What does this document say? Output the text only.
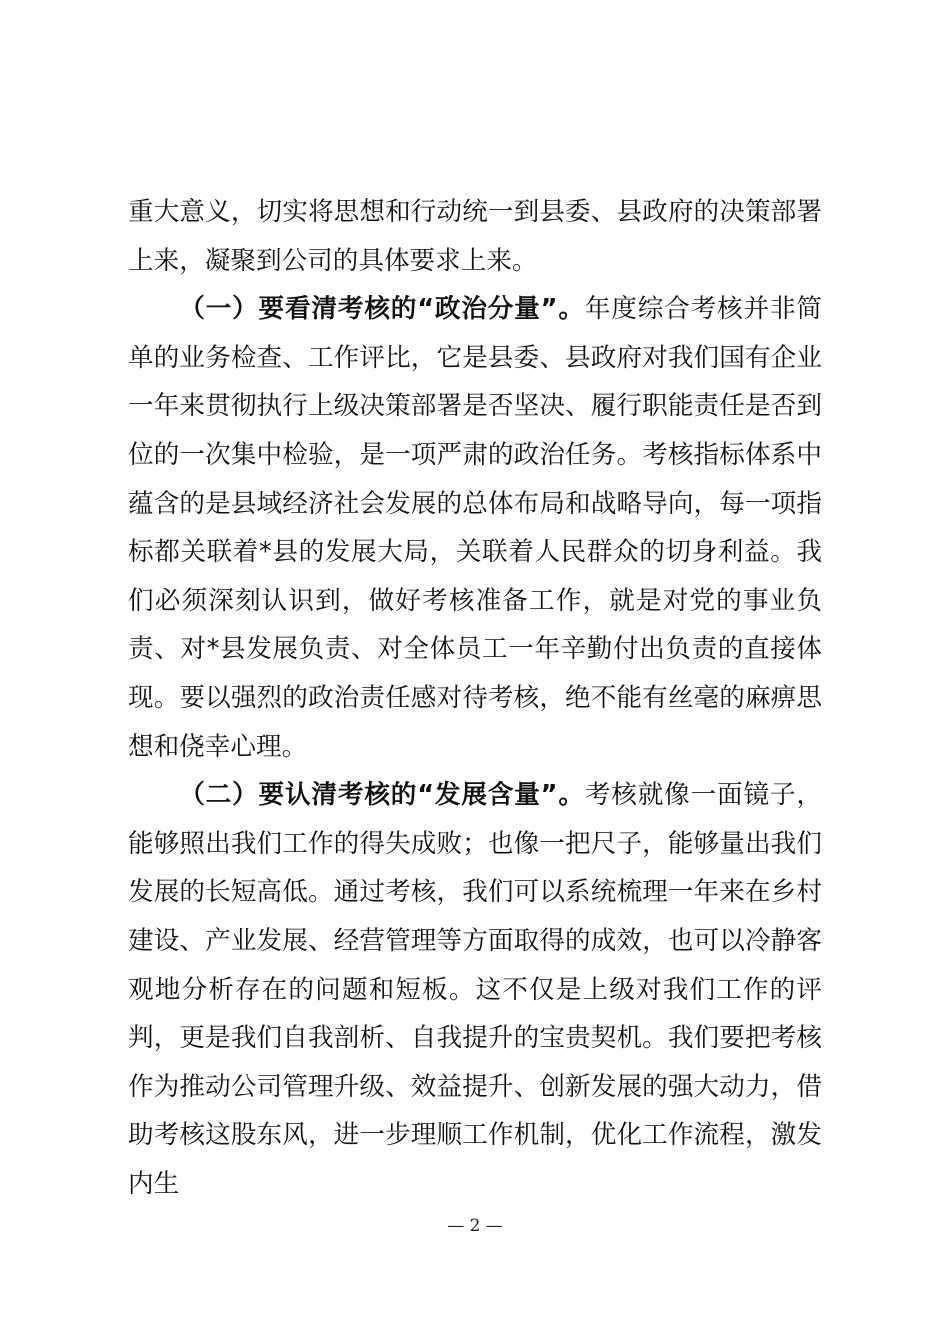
重大意义，切实将思想和行动统一到县委、县政府的决策部署上来，凝聚到公司的具体要求上来。

（一）要看清考核的“政治分量”。年度综合考核并非简单的业务检查、工作评比，它是县委、县政府对我们国有企业一年来贯彻执行上级决策部署是否坚决、履行职能责任是否到位的一次集中检验，是一项严肃的政治任务。考核指标体系中蕴含的是县域经济社会发展的总体布局和战略导向，每一项指标都关联着*县的发展大局，关联着人民群众的切身利益。我们必须深刻认识到，做好考核准备工作，就是对党的事业负责、对*县发展负责、对全体员工一年辛勤付出负责的直接体现。要以强烈的政治责任感对待考核，绝不能有丝毫的麻痹思想和侥幸心理。

（二）要认清考核的“发展含量”。考核就像一面镜子，能够照出我们工作的得失成败；也像一把尺子，能够量出我们发展的长短高低。通过考核，我们可以系统梳理一年来在乡村建设、产业发展、经营管理等方面取得的成效，也可以冷静客观地分析存在的问题和短板。这不仅是上级对我们工作的评判，更是我们自我剖析、自我提升的宝贵契机。我们要把考核作为推动公司管理升级、效益提升、创新发展的强大动力，借助考核这股东风，进一步理顺工作机制，优化工作流程，激发内生

— 2 —
